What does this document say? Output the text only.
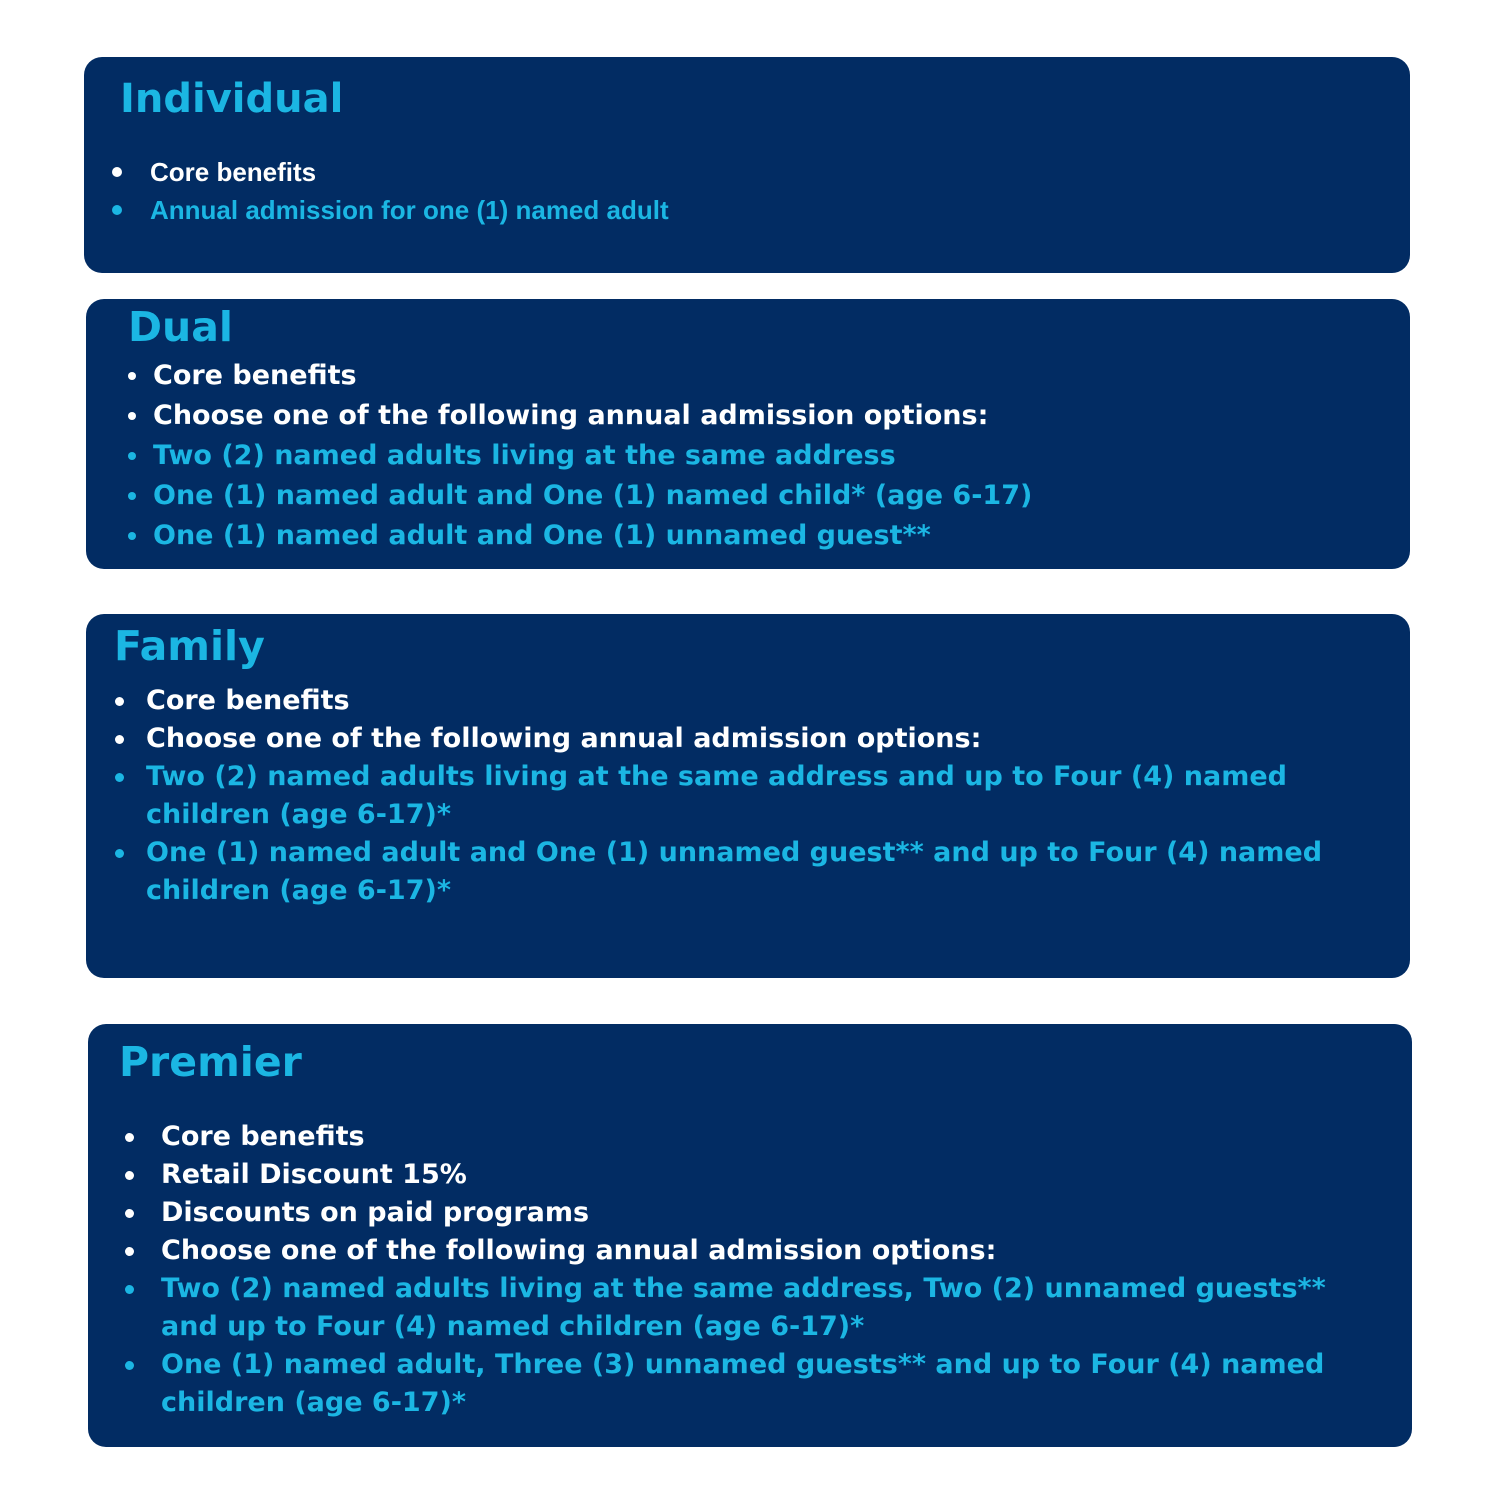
Individual
Core benefits
Annual admission for one (1) named adult
Dual
Core benefits
Choose one of the following annual admission options:
Two (2) named adults living at the same address
One (1) named adult and One (1) named child* (age 6-17)
One (1) named adult and One (1) unnamed guest**
Family
Core benefits
Choose one of the following annual admission options:
Two (2) named adults living at the same address and up to Four (4) named children (age 6-17)*
One (1) named adult and One (1) unnamed guest** and up to Four (4) named children (age 6-17)*
Premier
Core benefits
Retail Discount 15%
Discounts on paid programs
Choose one of the following annual admission options:
Two (2) named adults living at the same address, Two (2) unnamed guests** and up to Four (4) named children (age 6-17)*
One (1) named adult, Three (3) unnamed guests** and up to Four (4) named children (age 6-17)*
